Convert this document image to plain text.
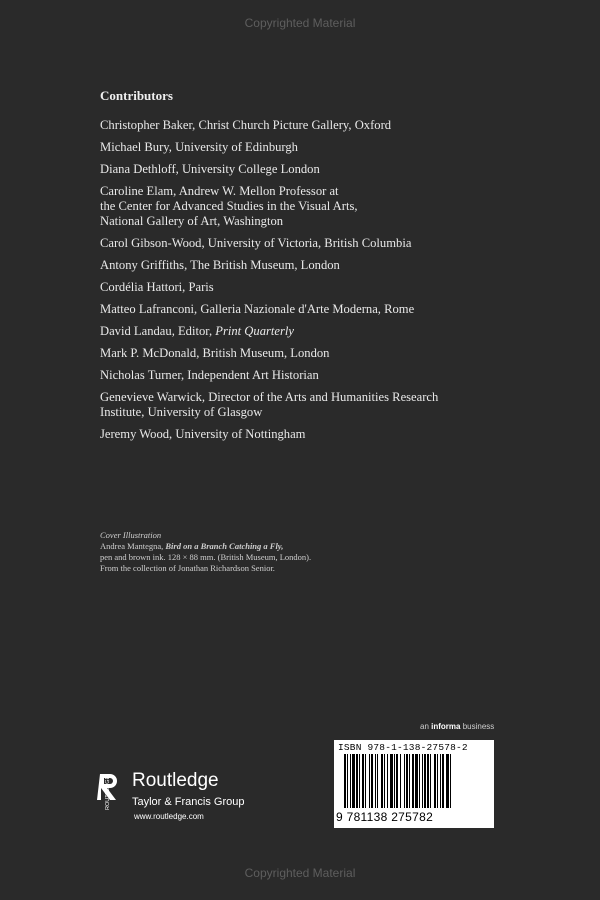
Copyrighted Material
Contributors
Christopher Baker, Christ Church Picture Gallery, Oxford
Michael Bury, University of Edinburgh
Diana Dethloff, University College London
Caroline Elam, Andrew W. Mellon Professor at
the Center for Advanced Studies in the Visual Arts,
National Gallery of Art, Washington
Carol Gibson-Wood, University of Victoria, British Columbia
Antony Griffiths, The British Museum, London
Cordélia Hattori, Paris
Matteo Lafranconi, Galleria Nazionale d'Arte Moderna, Rome
David Landau, Editor, Print Quarterly
Mark P. McDonald, British Museum, London
Nicholas Turner, Independent Art Historian
Genevieve Warwick, Director of the Arts and Humanities Research
Institute, University of Glasgow
Jeremy Wood, University of Nottingham
Cover Illustration
Andrea Mantegna, Bird on a Branch Catching a Fly,
pen and brown ink. 128 × 88 mm. (British Museum, London).
From the collection of Jonathan Richardson Senior.
an informa business
ISBN 978-1-138-27578-2
9 781138 275782
ROUTLEDGE Routledge
Taylor & Francis Group
www.routledge.com
Copyrighted Material
